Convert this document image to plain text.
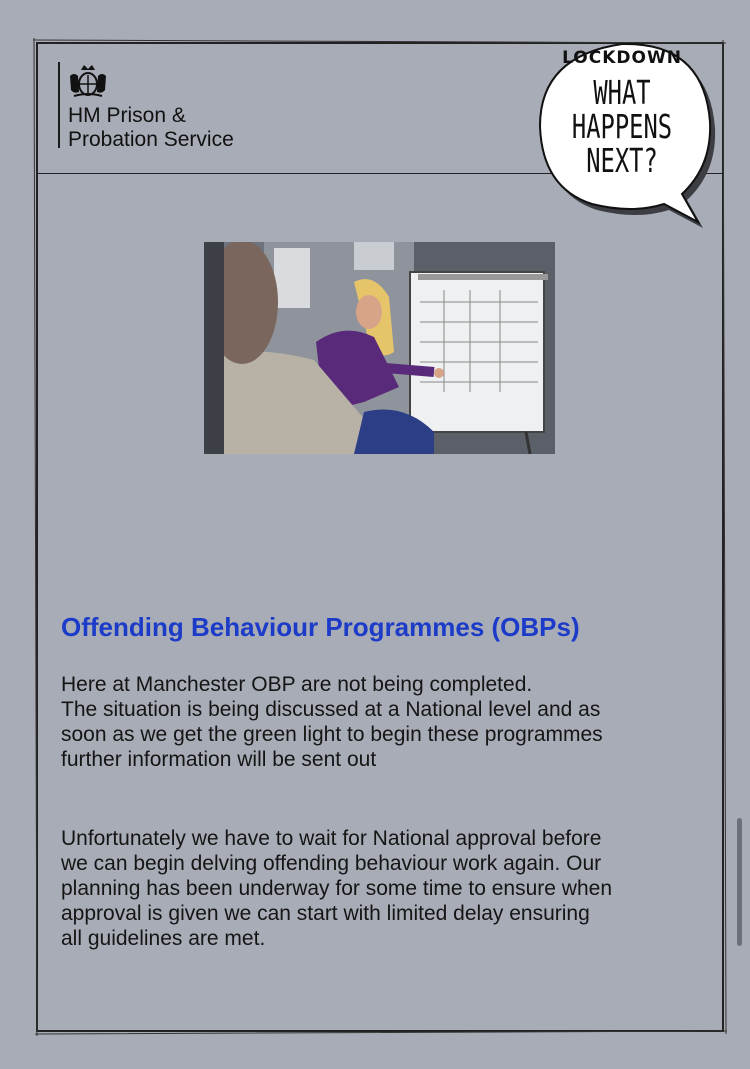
HM Prison &
Probation Service
LOCKDOWN
WHAT
HAPPENS
NEXT?
Offending Behaviour Programmes (OBPs)
Here at Manchester OBP are not being completed.
The situation is being discussed at a National level and as
soon as we get the green light to begin these programmes
further information will be sent out
Unfortunately we have to wait for National approval before
we can begin delving offending behaviour work again. Our
planning has been underway for some time to ensure when
approval is given we can start with limited delay ensuring
all guidelines are met.
